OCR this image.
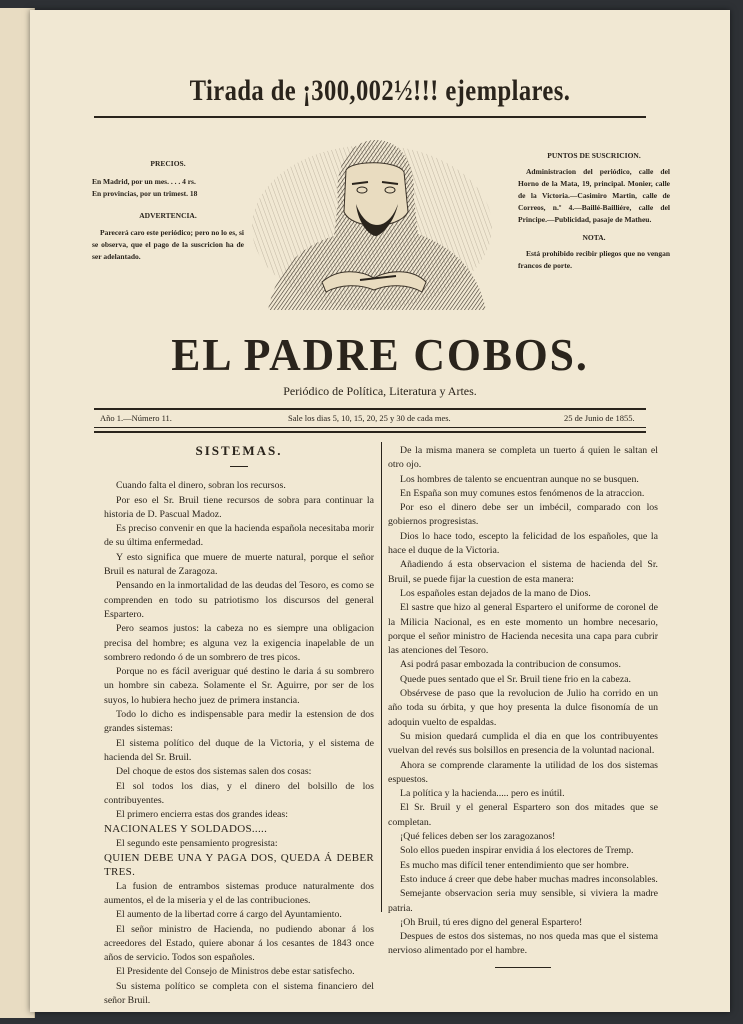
Tirada de ¡300,002½!!! ejemplares.
PRECIOS.
En Madrid, por un mes. . . . 4 rs.
En provincias, por un trimest. 18
ADVERTENCIA.
Parecerá caro este periódico; pero no lo es, si se observa, que el pago de la suscricion ha de ser adelantado.
PUNTOS DE SUSCRICION.
Administracion del periódico, calle del Horno de la Mata, 19, principal. Monier, calle de la Victoria.—Casimiro Martin, calle de Correos, n.º 4.—Baillé-Bailliére, calle del Principe.—Publicidad, pasaje de Matheu.
NOTA.
Está prohibido recibir pliegos que no vengan francos de porte.
EL PADRE COBOS.
Periódico de Política, Literatura y Artes.
Año 1.—Número 11.	Sale los dias 5, 10, 15, 20, 25 y 30 de cada mes.	25 de Junio de 1855.
SISTEMAS.

Cuando falta el dinero, sobran los recursos.

Por eso el Sr. Bruil tiene recursos de sobra para continuar la historia de D. Pascual Madoz.

Es preciso convenir en que la hacienda española necesitaba morir de su última enfermedad.

Y esto significa que muere de muerte natural, porque el señor Bruil es natural de Zaragoza.

Pensando en la inmortalidad de las deudas del Tesoro, es como se comprenden en todo su patriotismo los discursos del general Espartero.

Pero seamos justos: la cabeza no es siempre una obligacion precisa del hombre; es alguna vez la exigencia inapelable de un sombrero redondo ó de un sombrero de tres picos.

Porque no es fácil averiguar qué destino le daria á su sombrero un hombre sin cabeza. Solamente el Sr. Aguirre, por ser de los suyos, lo hubiera hecho juez de primera instancia.

Todo lo dicho es indispensable para medir la estension de dos grandes sistemas:

El sistema político del duque de la Victoria, y el sistema de hacienda del Sr. Bruil.

Del choque de estos dos sistemas salen dos cosas:

El sol todos los dias, y el dinero del bolsillo de los contribuyentes.

El primero encierra estas dos grandes ideas:

NACIONALES Y SOLDADOS.....

El segundo este pensamiento progresista:

QUIEN DEBE UNA Y PAGA DOS, QUEDA Á DEBER TRES.

La fusion de entrambos sistemas produce naturalmente dos aumentos, el de la miseria y el de las contribuciones.

El aumento de la libertad corre á cargo del Ayuntamiento.

El señor ministro de Hacienda, no pudiendo abonar á los acreedores del Estado, quiere abonar á los cesantes de 1843 once años de servicio. Todos son españoles.

El Presidente del Consejo de Ministros debe estar satisfecho.

Su sistema político se completa con el sistema financiero del señor Bruil.

De la misma manera se completa un tuerto á quien le saltan el otro ojo.

Los hombres de talento se encuentran aunque no se busquen.

En España son muy comunes estos fenómenos de la atraccion.

Por eso el dinero debe ser un imbécil, comparado con los gobiernos progresistas.

Dios lo hace todo, escepto la felicidad de los españoles, que la hace el duque de la Victoria.

Añadiendo á esta observacion el sistema de hacienda del Sr. Bruil, se puede fijar la cuestion de esta manera:

Los españoles estan dejados de la mano de Dios.

El sastre que hizo al general Espartero el uniforme de coronel de la Milicia Nacional, es en este momento un hombre necesario, porque el señor ministro de Hacienda necesita una capa para cubrir las atenciones del Tesoro.

Asi podrá pasar embozada la contribucion de consumos.

Quede pues sentado que el Sr. Bruil tiene frio en la cabeza.

Obsérvese de paso que la revolucion de Julio ha corrido en un año toda su órbita, y que hoy presenta la dulce fisonomía de un adoquin vuelto de espaldas.

Su mision quedará cumplida el dia en que los contribuyentes vuelvan del revés sus bolsillos en presencia de la voluntad nacional.

Ahora se comprende claramente la utilidad de los dos sistemas espuestos.

La política y la hacienda..... pero es inútil.

El Sr. Bruil y el general Espartero son dos mitades que se completan.

¡Qué felices deben ser los zaragozanos!

Solo ellos pueden inspirar envidia á los electores de Tremp.

Es mucho mas difícil tener entendimiento que ser hombre.

Esto induce á creer que debe haber muchas madres inconsolables.

Semejante observacion seria muy sensible, si viviera la madre patria.

¡Oh Bruil, tú eres digno del general Espartero!

Despues de estos dos sistemas, no nos queda mas que el sistema nervioso alimentado por el hambre.
